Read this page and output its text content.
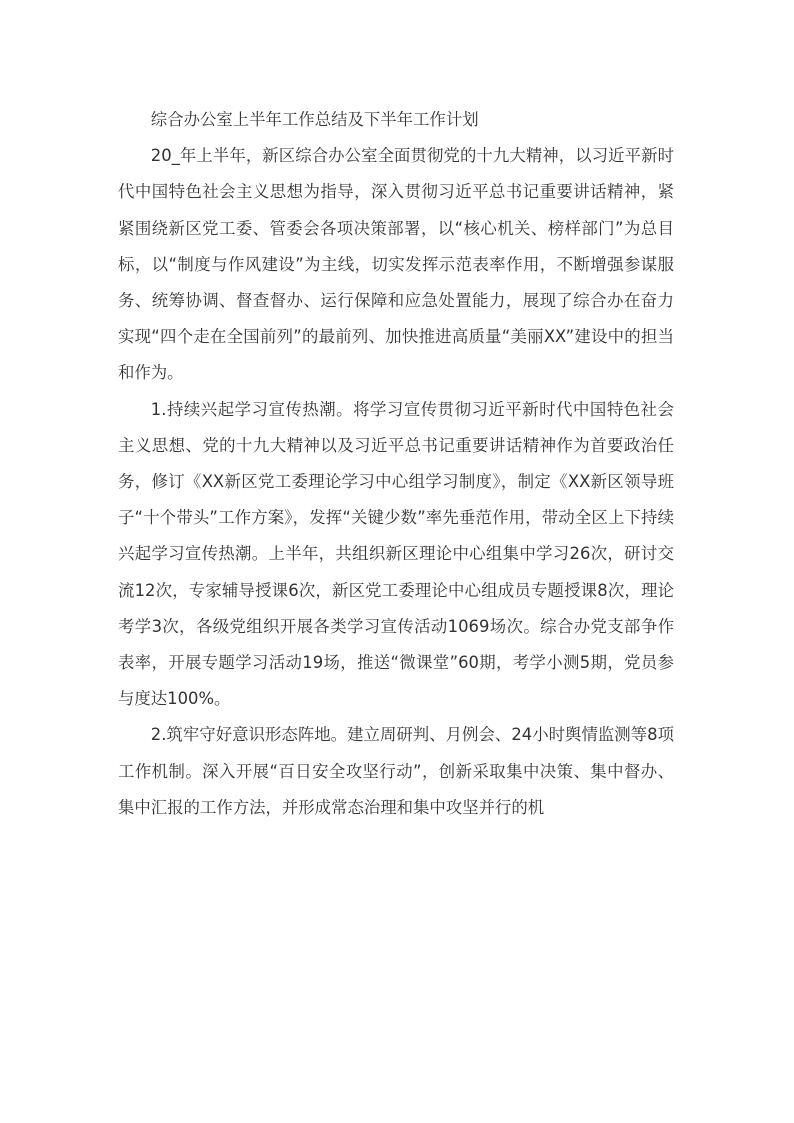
综合办公室上半年工作总结及下半年工作计划

20_年上半年，新区综合办公室全面贯彻党的十九大精神，以习近平新时代中国特色社会主义思想为指导，深入贯彻习近平总书记重要讲话精神，紧紧围绕新区党工委、管委会各项决策部署，以“核心机关、榜样部门”为总目标，以“制度与作风建设”为主线，切实发挥示范表率作用，不断增强参谋服务、统筹协调、督查督办、运行保障和应急处置能力，展现了综合办在奋力实现“四个走在全国前列”的最前列、加快推进高质量“美丽XX”建设中的担当和作为。

1.持续兴起学习宣传热潮。将学习宣传贯彻习近平新时代中国特色社会主义思想、党的十九大精神以及习近平总书记重要讲话精神作为首要政治任务，修订《XX新区党工委理论学习中心组学习制度》，制定《XX新区领导班子“十个带头”工作方案》，发挥“关键少数”率先垂范作用，带动全区上下持续兴起学习宣传热潮。上半年，共组织新区理论中心组集中学习26次，研讨交流12次，专家辅导授课6次，新区党工委理论中心组成员专题授课8次，理论考学3次，各级党组织开展各类学习宣传活动1069场次。综合办党支部争作表率，开展专题学习活动19场，推送“微课堂”60期，考学小测5期，党员参与度达100%。

2.筑牢守好意识形态阵地。建立周研判、月例会、24小时舆情监测等8项工作机制。深入开展“百日安全攻坚行动”，创新采取集中决策、集中督办、集中汇报的工作方法，并形成常态治理和集中攻坚并行的机
